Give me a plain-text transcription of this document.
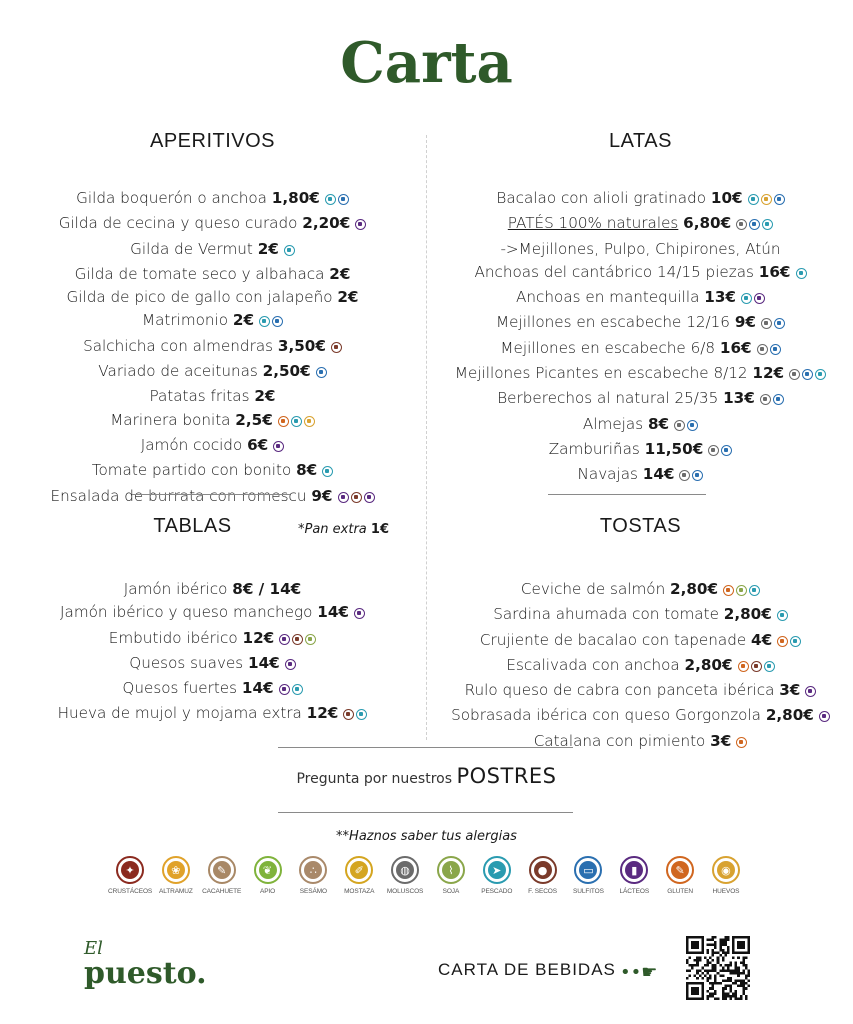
Carta
APERITIVOS
Gilda boquerón o anchoa 1,80€
Gilda de cecina y queso curado 2,20€
Gilda de Vermut 2€
Gilda de tomate seco y albahaca 2€
Gilda de pico de gallo con jalapeño 2€
Matrimonio 2€
Salchicha con almendras 3,50€
Variado de aceitunas 2,50€
Patatas fritas 2€
Marinera bonita 2,5€
Jamón cocido 6€
Tomate partido con bonito 8€
Ensalada de burrata con romescu 9€
LATAS
Bacalao con alioli gratinado 10€
PATÉS 100% naturales 6,80€
->Mejillones, Pulpo, Chipirones, Atún
Anchoas del cantábrico 14/15 piezas 16€
Anchoas en mantequilla 13€
Mejillones en escabeche 12/16 9€
Mejillones en escabeche 6/8 16€
Mejillones Picantes en escabeche 8/12 12€
Berberechos al natural 25/35 13€
Almejas 8€
Zamburiñas 11,50€
Navajas 14€
TABLAS
Jamón ibérico 8€ / 14€
Jamón ibérico y queso manchego 14€
Embutido ibérico 12€
Quesos suaves 14€
Quesos fuertes 14€
Hueva de mujol y mojama extra 12€
*Pan extra 1€	TOSTAS
Ceviche de salmón 2,80€
Sardina ahumada con tomate 2,80€
Crujiente de bacalao con tapenade 4€
Escalivada con anchoa 2,80€
Rulo queso de cabra con panceta ibérica 3€
Sobrasada ibérica con queso Gorgonzola 2,80€
Catalana con pimiento 3€
Pregunta por nuestros POSTRES
**Haznos saber tus alergias
✦
CRUSTÁCEOS
❀
ALTRAMUZ
✎
CACAHUETE
❦
APIO
∴
SESÁMO
✐
MOSTAZA
◍
MOLUSCOS
⌇
SOJA
➤
PESCADO
●
F. SECOS
▭
SULFITOS
▮
LÁCTEOS
✎
GLUTEN
◉
HUEVOS
El
puesto.	CARTA DE BEBIDAS ••☛
